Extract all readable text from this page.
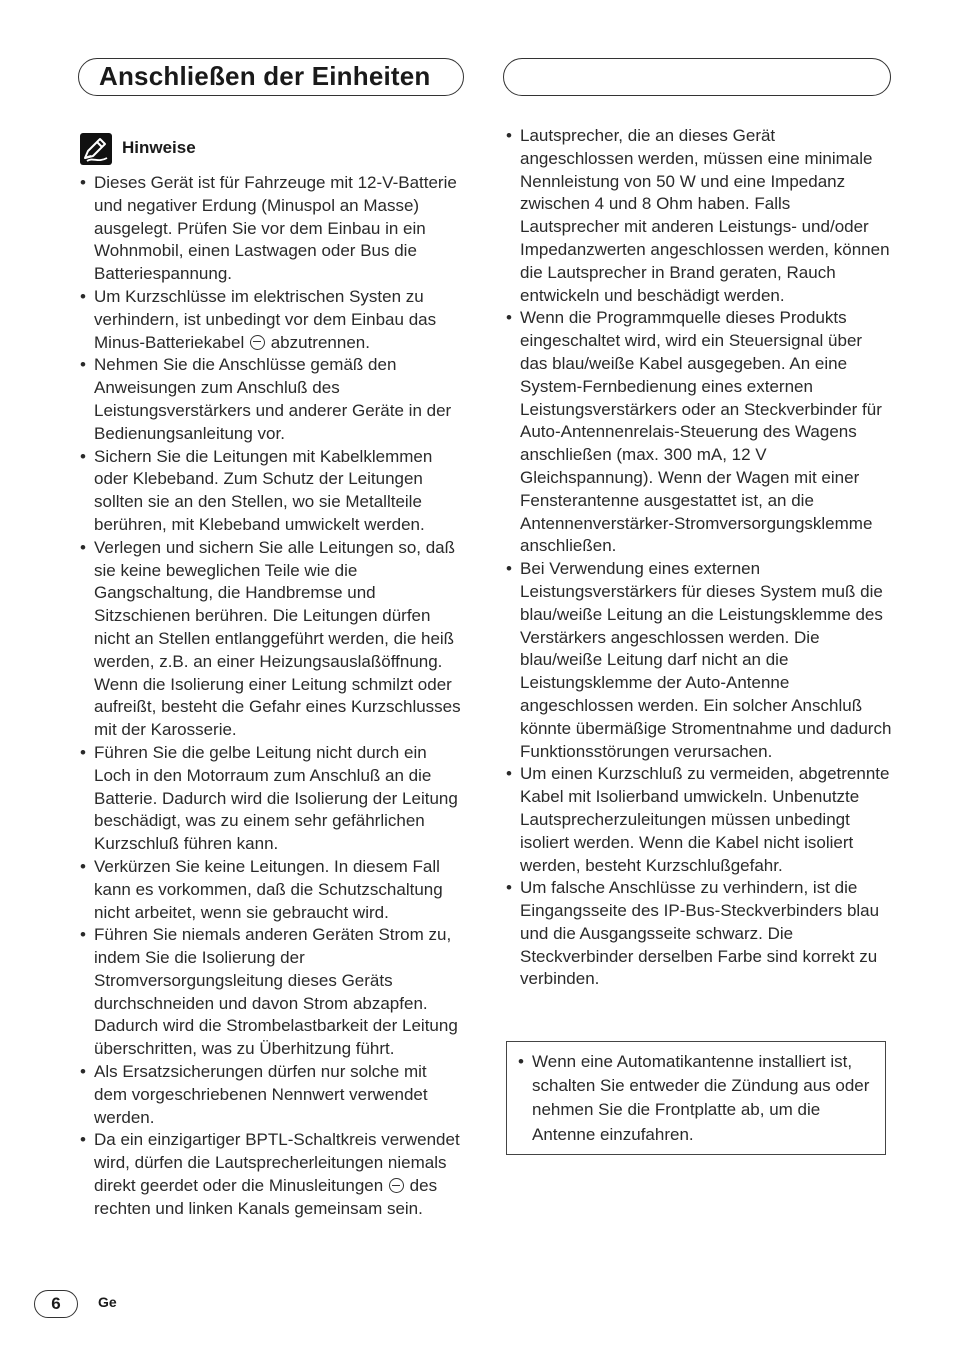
Anschließen der Einheiten
Hinweise
• Dieses Gerät ist für Fahrzeuge mit 12-V-Batterie und negativer Erdung (Minuspol an Masse) ausgelegt. Prüfen Sie vor dem Einbau in ein Wohnmobil, einen Lastwagen oder Bus die Batteriespannung.
• Um Kurzschlüsse im elektrischen Systen zu verhindern, ist unbedingt vor dem Einbau das Minus-Batteriekabel abzutrennen.
• Nehmen Sie die Anschlüsse gemäß den Anweisungen zum Anschluß des Leistungsverstärkers und anderer Geräte in der Bedienungsanleitung vor.
• Sichern Sie die Leitungen mit Kabelklemmen oder Klebeband. Zum Schutz der Leitungen sollten sie an den Stellen, wo sie Metallteile berühren, mit Klebeband umwickelt werden.
• Verlegen und sichern Sie alle Leitungen so, daß sie keine beweglichen Teile wie die Gangschaltung, die Handbremse und Sitzschienen berühren. Die Leitungen dürfen nicht an Stellen entlanggeführt werden, die heiß werden, z.B. an einer Heizungsauslaßöffnung. Wenn die Isolierung einer Leitung schmilzt oder aufreißt, besteht die Gefahr eines Kurzschlusses mit der Karosserie.
• Führen Sie die gelbe Leitung nicht durch ein Loch in den Motorraum zum Anschluß an die Batterie. Dadurch wird die Isolierung der Leitung beschädigt, was zu einem sehr gefährlichen Kurzschluß führen kann.
• Verkürzen Sie keine Leitungen. In diesem Fall kann es vorkommen, daß die Schutzschaltung nicht arbeitet, wenn sie gebraucht wird.
• Führen Sie niemals anderen Geräten Strom zu, indem Sie die Isolierung der Stromversorgungsleitung dieses Geräts durchschneiden und davon Strom abzapfen. Dadurch wird die Strombelastbarkeit der Leitung überschritten, was zu Überhitzung führt.
• Als Ersatzsicherungen dürfen nur solche mit dem vorgeschriebenen Nennwert verwendet werden.
• Da ein einzigartiger BPTL-Schaltkreis verwendet wird, dürfen die Lautsprecherleitungen niemals direkt geerdet oder die Minusleitungen des rechten und linken Kanals gemeinsam sein.
• Lautsprecher, die an dieses Gerät angeschlossen werden, müssen eine minimale Nennleistung von 50 W und eine Impedanz zwischen 4 und 8 Ohm haben. Falls Lautsprecher mit anderen Leistungs- und/oder Impedanzwerten angeschlossen werden, können die Lautsprecher in Brand geraten, Rauch entwickeln und beschädigt werden.
• Wenn die Programmquelle dieses Produkts eingeschaltet wird, wird ein Steuersignal über das blau/weiße Kabel ausgegeben. An eine System-Fernbedienung eines externen Leistungsverstärkers oder an Steckverbinder für Auto-Antennenrelais-Steuerung des Wagens anschließen (max. 300 mA, 12 V Gleichspannung). Wenn der Wagen mit einer Fensterantenne ausgestattet ist, an die Antennenverstärker-Stromversorgungsklemme anschließen.
• Bei Verwendung eines externen Leistungsverstärkers für dieses System muß die blau/weiße Leitung an die Leistungsklemme des Verstärkers angeschlossen werden. Die blau/weiße Leitung darf nicht an die Leistungsklemme der Auto-Antenne angeschlossen werden. Ein solcher Anschluß könnte übermäßige Stromentnahme und dadurch Funktionsstörungen verursachen.
• Um einen Kurzschluß zu vermeiden, abgetrennte Kabel mit Isolierband umwickeln. Unbenutzte Lautsprecherzuleitungen müssen unbedingt isoliert werden. Wenn die Kabel nicht isoliert werden, besteht Kurzschlußgefahr.
• Um falsche Anschlüsse zu verhindern, ist die Eingangsseite des IP-Bus-Steckverbinders blau und die Ausgangsseite schwarz. Die Steckverbinder derselben Farbe sind korrekt zu verbinden.
• Wenn eine Automatikantenne installiert ist, schalten Sie entweder die Zündung aus oder nehmen Sie die Frontplatte ab, um die Antenne einzufahren.
6	Ge
